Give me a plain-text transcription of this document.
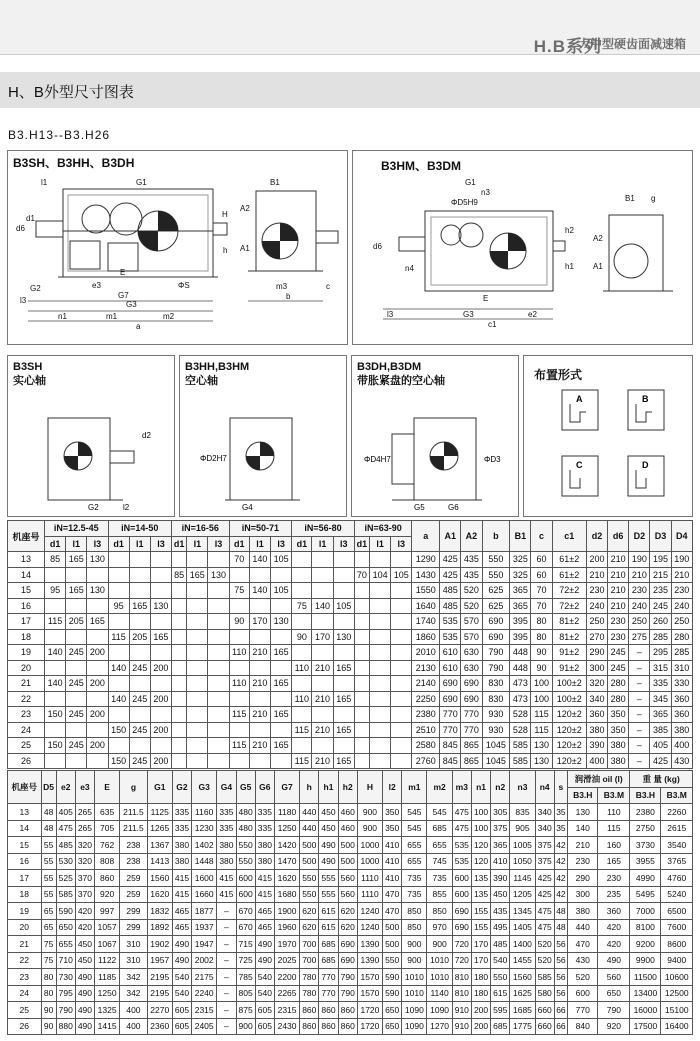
H.B系列
大中型硬齿面减速箱
H、B外型尺寸图表
B3.H13--B3.H26
B3SH、B3HH、B3DH
l1	G1	B1
d6
d1
A2
A1
h
H
E
e3
G7
l3
n1	m1	m2
a
ΦS	m3
b
c
G3
G2
B3HM、B3DM
G1
n3
ΦD5H9	B1 g
d6
h2
A2
A1
h1
n4
E
l3	G3	e2
c1
B3SH
实心轴
d2
l2
G2
B3HH,B3HM
空心轴
ΦD2H7
G4
B3DH,B3DM
带胀紧盘的空心轴
ΦD4H7	ΦD3
G5	G6
布置形式
A	B
C	D
机座号	iN=12.5-45			iN=14-50			iN=16-56			iN=50-71			iN=56-80			iN=63-90			a	A1	A2	b	B1	c	c1	d2	d6	D2	D3	D4
	d1	l1	l3	d1	l1	l3	d1	l1	l3	d1	l1	l3	d1	l1	l3	d1	l1	l3												
13	85	165	130							70	140	105							1290	425	435	550	325	60	61±2	200	210	190	195	190
14							85	165	130							70	104	105	1430	425	435	550	325	60	61±2	210	210	210	215	210
15	95	165	130							75	140	105							1550	485	520	625	365	70	72±2	230	210	230	235	230
16				95	165	130							75	140	105				1640	485	520	625	365	70	72±2	240	210	240	245	240
17	115	205	165							90	170	130							1740	535	570	690	395	80	81±2	250	230	250	260	250
18				115	205	165							90	170	130				1860	535	570	690	395	80	81±2	270	230	275	285	280
19	140	245	200							110	210	165							2010	610	630	790	448	90	91±2	290	245	–	295	285
20				140	245	200							110	210	165				2130	610	630	790	448	90	91±2	300	245	–	315	310
21	140	245	200							110	210	165							2140	690	690	830	473	100	100±2	320	280	–	335	330
22				140	245	200							110	210	165				2250	690	690	830	473	100	100±2	340	280	–	345	360
23	150	245	200							115	210	165							2380	770	770	930	528	115	120±2	360	350	–	365	360
24				150	245	200							115	210	165				2510	770	770	930	528	115	120±2	380	350	–	385	380
25	150	245	200							115	210	165							2580	845	865	1045	585	130	120±2	390	380	–	405	400
26				150	245	200							115	210	165				2760	845	865	1045	585	130	120±2	400	380	–	425	430
机座号	D5	e2	e3	E	g	G1	G2	G3	G4	G5	G6	G7	h	h1	h2	H	l2	m1	m2	m3	n1	n2	n3	n4	s	润滑油 oil (l)		重 量 (kg)	
																										B3.H	B3.M	B3.H	B3.M
13	48	405	265	635	211.5	1125	335	1160	335	480	335	1180	440	450	460	900	350	545	545	475	100	305	835	340	35	130	110	2380	2260
14	48	475	265	705	211.5	1265	335	1230	335	480	335	1250	440	450	460	900	350	545	685	475	100	375	905	340	35	140	115	2750	2615
15	55	485	320	762	238	1367	380	1402	380	550	380	1420	500	490	500	1000	410	655	655	535	120	365	1005	375	42	210	160	3730	3540
16	55	530	320	808	238	1413	380	1448	380	550	380	1470	500	490	500	1000	410	655	745	535	120	410	1050	375	42	230	165	3955	3765
17	55	525	370	860	259	1560	415	1600	415	600	415	1620	550	555	560	1110	410	735	735	600	135	390	1145	425	42	290	230	4990	4760
18	55	585	370	920	259	1620	415	1660	415	600	415	1680	550	555	560	1110	470	735	855	600	135	450	1205	425	42	300	235	5495	5240
19	65	590	420	997	299	1832	465	1877	–	670	465	1900	620	615	620	1240	470	850	850	690	155	435	1345	475	48	380	360	7000	6500
20	65	650	420	1057	299	1892	465	1937	–	670	465	1960	620	615	620	1240	500	850	970	690	155	495	1405	475	48	440	420	8100	7600
21	75	655	450	1067	310	1902	490	1947	–	715	490	1970	700	685	690	1390	500	900	900	720	170	485	1400	520	56	470	420	9200	8600
22	75	710	450	1122	310	1957	490	2002	–	725	490	2025	700	685	690	1390	550	900	1010	720	170	540	1455	520	56	430	490	9900	9400
23	80	730	490	1185	342	2195	540	2175	–	785	540	2200	780	770	790	1570	590	1010	1010	810	180	550	1560	585	56	520	560	11500	10600
24	80	795	490	1250	342	2195	540	2240	–	805	540	2265	780	770	790	1570	590	1010	1140	810	180	615	1625	580	56	600	650	13400	12500
25	90	790	490	1325	400	2270	605	2315	–	875	605	2315	860	860	860	1720	650	1090	1090	910	200	595	1685	660	66	770	790	16000	15100
26	90	880	490	1415	400	2360	605	2405	–	900	605	2430	860	860	860	1720	650	1090	1270	910	200	685	1775	660	66	840	920	17500	16400
